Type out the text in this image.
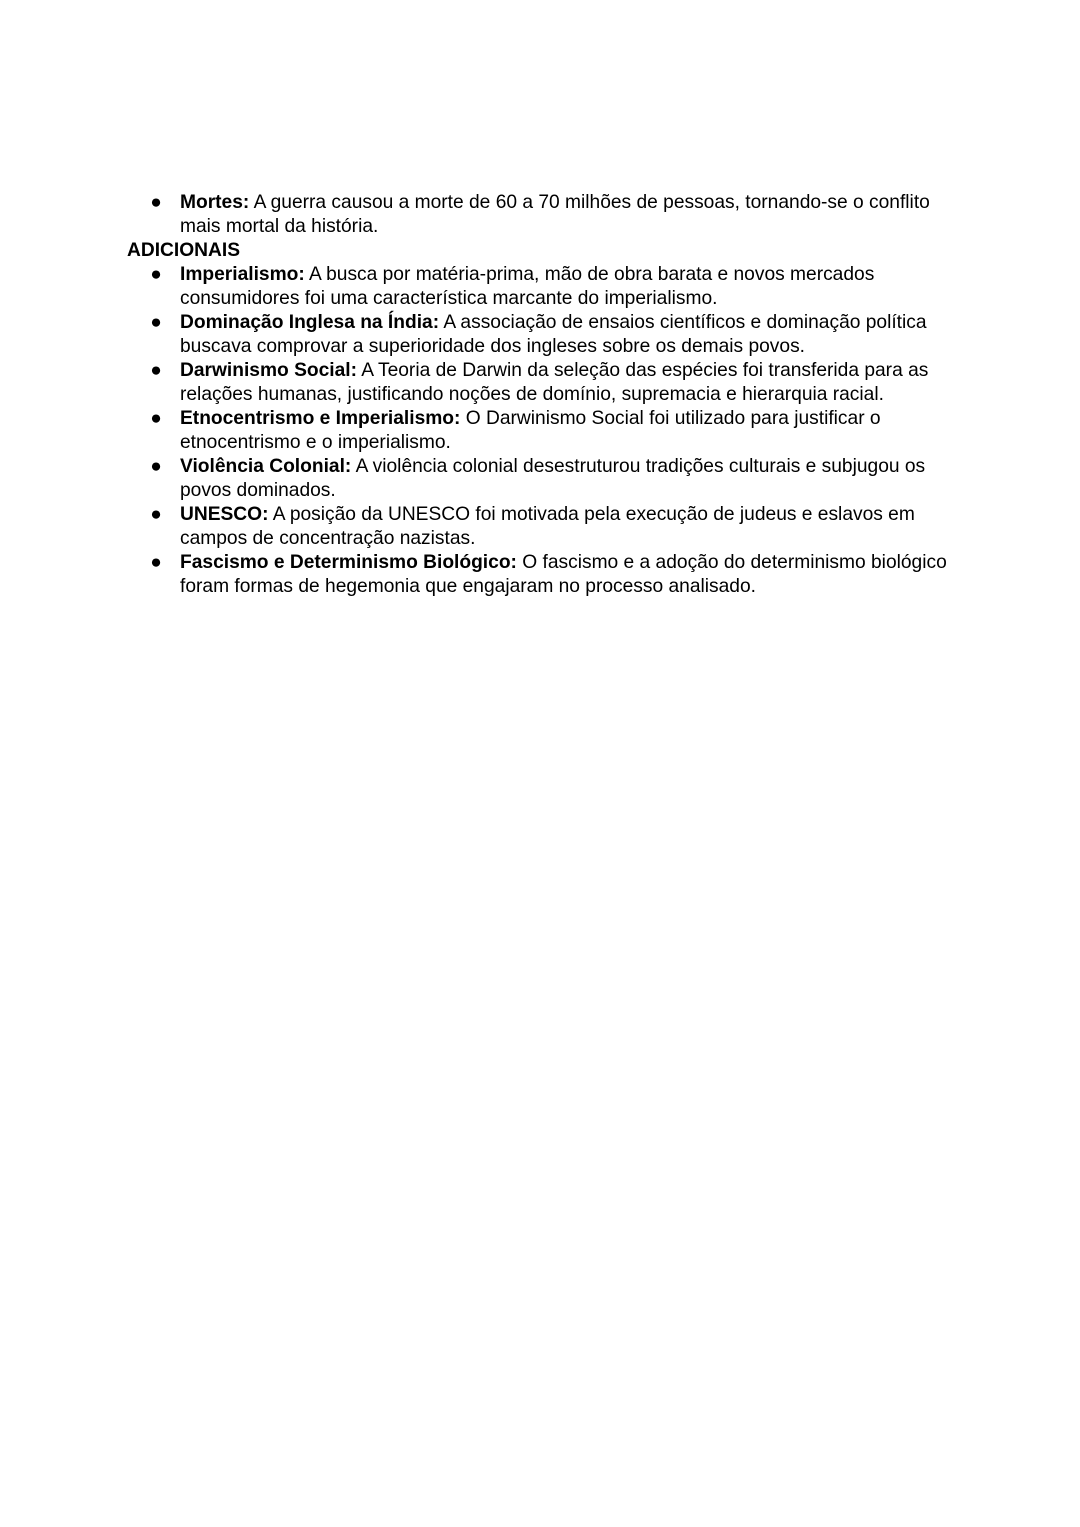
● Mortes: A guerra causou a morte de 60 a 70 milhões de pessoas, tornando-se o conflito mais mortal da história.

ADICIONAIS

● Imperialismo: A busca por matéria-prima, mão de obra barata e novos mercados consumidores foi uma característica marcante do imperialismo.
● Dominação Inglesa na Índia: A associação de ensaios científicos e dominação política buscava comprovar a superioridade dos ingleses sobre os demais povos.
● Darwinismo Social: A Teoria de Darwin da seleção das espécies foi transferida para as relações humanas, justificando noções de domínio, supremacia e hierarquia racial.
● Etnocentrismo e Imperialismo: O Darwinismo Social foi utilizado para justificar o etnocentrismo e o imperialismo.
● Violência Colonial: A violência colonial desestruturou tradições culturais e subjugou os povos dominados.
● UNESCO: A posição da UNESCO foi motivada pela execução de judeus e eslavos em campos de concentração nazistas.
● Fascismo e Determinismo Biológico: O fascismo e a adoção do determinismo biológico foram formas de hegemonia que engajaram no processo analisado.
